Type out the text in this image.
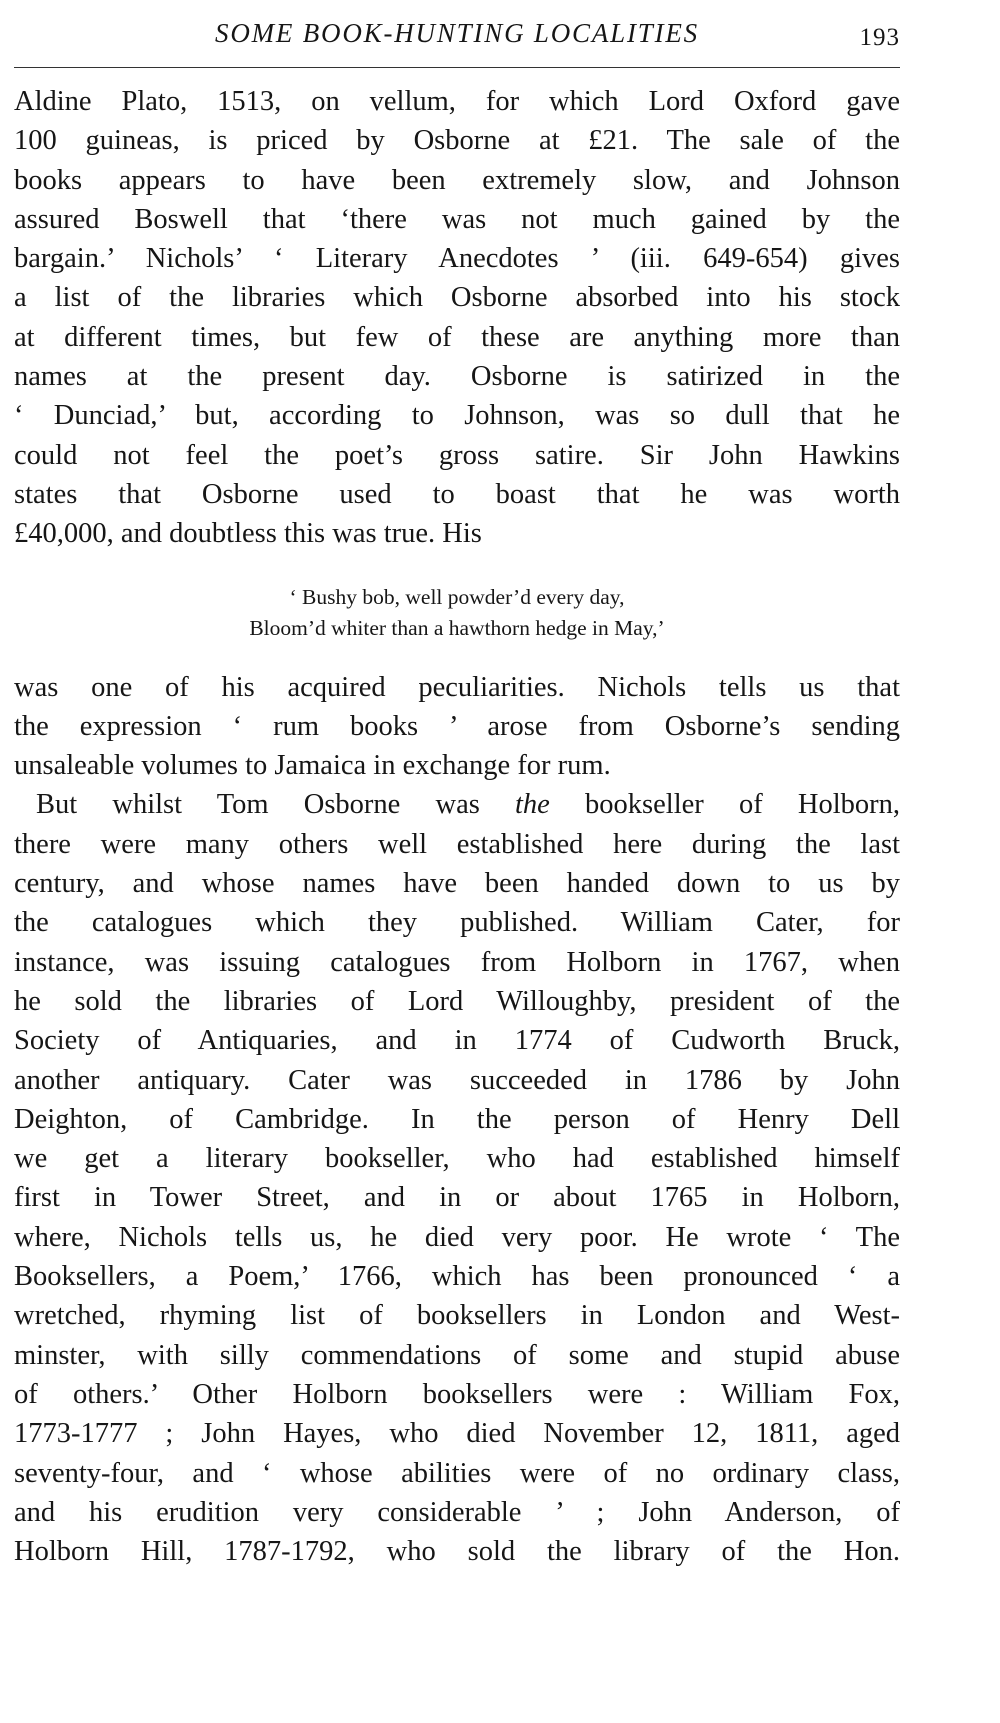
SOME BOOK-HUNTING LOCALITIES	193

Aldine Plato, 1513, on vellum, for which Lord Oxford gave
100 guineas, is priced by Osborne at £21. The sale of the
books appears to have been extremely slow, and Johnson
assured Boswell that ‘there was not much gained by the
bargain.’ Nichols’ ‘ Literary Anecdotes ’ (iii. 649-654) gives
a list of the libraries which Osborne absorbed into his stock
at different times, but few of these are anything more than
names at the present day. Osborne is satirized in the
‘ Dunciad,’ but, according to Johnson, was so dull that he
could not feel the poet’s gross satire. Sir John Hawkins
states that Osborne used to boast that he was worth
£40,000, and doubtless this was true. His

‘ Bushy bob, well powder’d every day,
Bloom’d whiter than a hawthorn hedge in May,’

was one of his acquired peculiarities. Nichols tells us that
the expression ‘ rum books ’ arose from Osborne’s sending
unsaleable volumes to Jamaica in exchange for rum.

But whilst Tom Osborne was the bookseller of Holborn,
there were many others well established here during the last
century, and whose names have been handed down to us by
the catalogues which they published. William Cater, for
instance, was issuing catalogues from Holborn in 1767, when
he sold the libraries of Lord Willoughby, president of the
Society of Antiquaries, and in 1774 of Cudworth Bruck,
another antiquary. Cater was succeeded in 1786 by John
Deighton, of Cambridge. In the person of Henry Dell
we get a literary bookseller, who had established himself
first in Tower Street, and in or about 1765 in Holborn,
where, Nichols tells us, he died very poor. He wrote ‘ The
Booksellers, a Poem,’ 1766, which has been pronounced ‘ a
wretched, rhyming list of booksellers in London and West-
minster, with silly commendations of some and stupid abuse
of others.’ Other Holborn booksellers were : William Fox,
1773-1777 ; John Hayes, who died November 12, 1811, aged
seventy-four, and ‘ whose abilities were of no ordinary class,
and his erudition very considerable ’ ; John Anderson, of
Holborn Hill, 1787-1792, who sold the library of the Hon.
